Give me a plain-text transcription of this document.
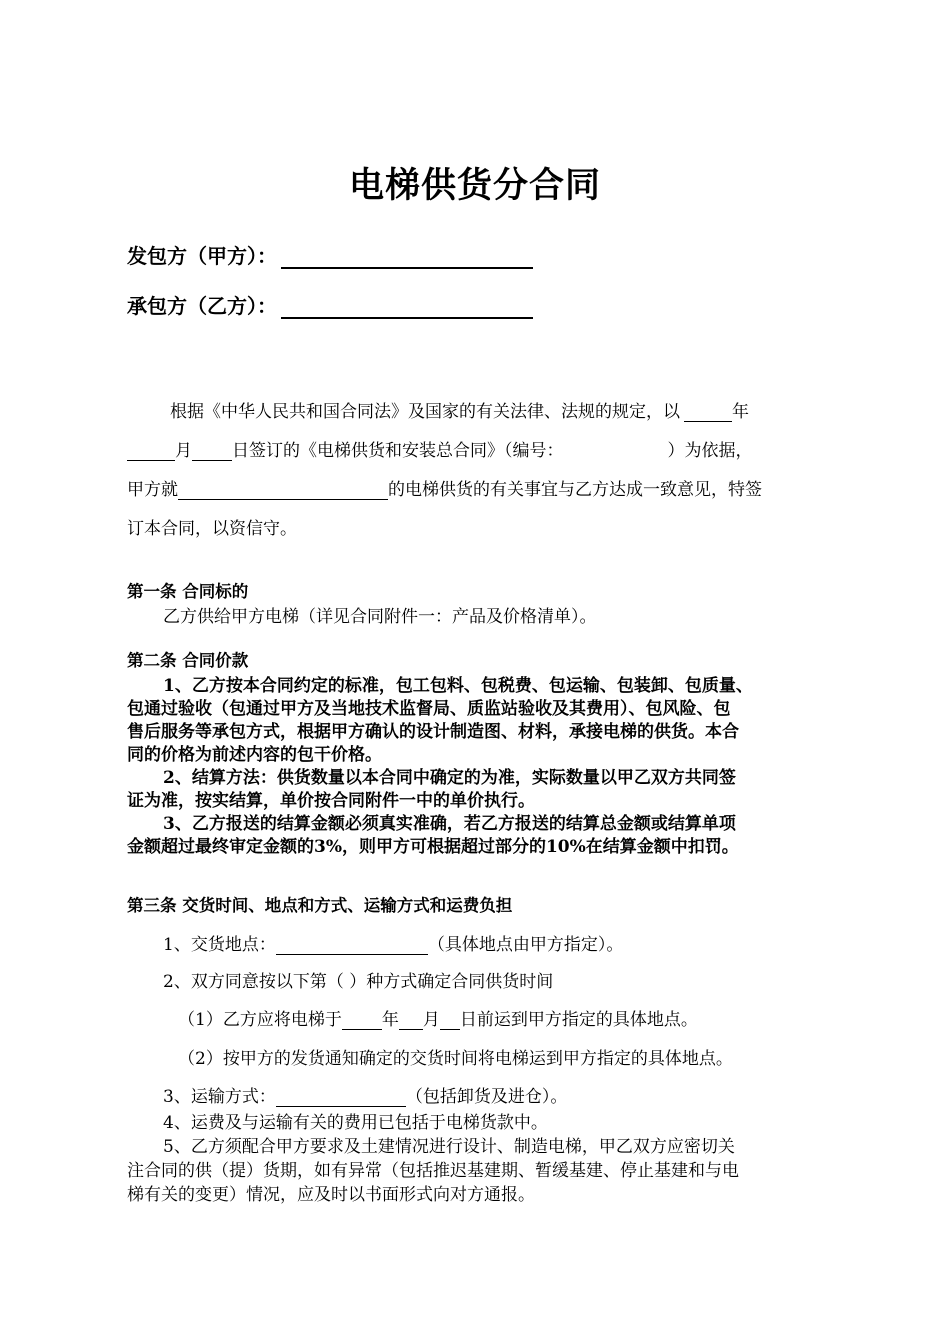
电梯供货分合同
发包方（甲方）：
承包方（乙方）：
根据《中华人民共和国合同法》及国家的有关法律、法规的规定，以	年
月 日签订的《电梯供货和安装总合同》（编号：	）为依据，
甲方就	的电梯供货的有关事宜与乙方达成一致意见，特签
订本合同，以资信守。
第一条 合同标的
乙方供给甲方电梯（详见合同附件一：产品及价格清单）。
第二条 合同价款
1、乙方按本合同约定的标准，包工包料、包税费、包运输、包装卸、包质量、
包通过验收（包通过甲方及当地技术监督局、质监站验收及其费用）、包风险、包
售后服务等承包方式，根据甲方确认的设计制造图、材料，承接电梯的供货。本合
同的价格为前述内容的包干价格。
2、结算方法：供货数量以本合同中确定的为准，实际数量以甲乙双方共同签
证为准，按实结算，单价按合同附件一中的单价执行。
3、乙方报送的结算金额必须真实准确，若乙方报送的结算总金额或结算单项
金额超过最终审定金额的3%，则甲方可根据超过部分的10%在结算金额中扣罚。
第三条 交货时间、地点和方式、运输方式和运费负担
1、交货地点：	（具体地点由甲方指定）。
2、双方同意按以下第（ ）种方式确定合同供货时间
（1）乙方应将电梯于 年 月 日前运到甲方指定的具体地点。
（2）按甲方的发货通知确定的交货时间将电梯运到甲方指定的具体地点。
3、运输方式：	（包括卸货及进仓）。
4、运费及与运输有关的费用已包括于电梯货款中。
5、乙方须配合甲方要求及土建情况进行设计、制造电梯，甲乙双方应密切关
注合同的供（提）货期，如有异常（包括推迟基建期、暂缓基建、停止基建和与电
梯有关的变更）情况，应及时以书面形式向对方通报。
